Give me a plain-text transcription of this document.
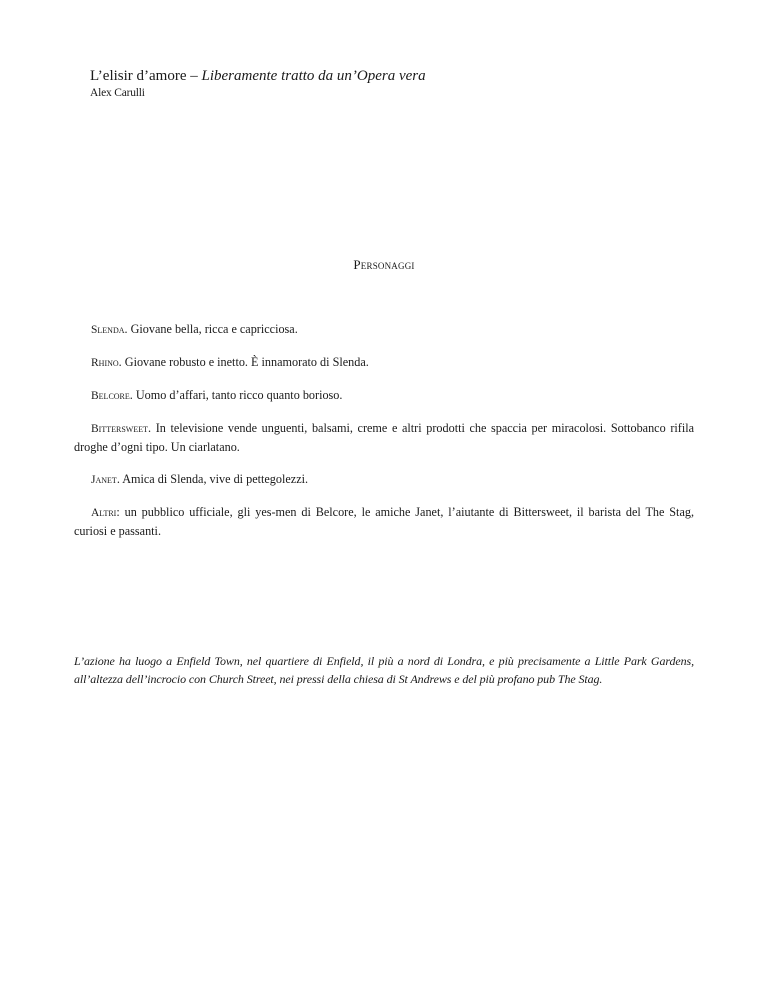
L’elisir d’amore – Liberamente tratto da un’Opera vera
Alex Carulli
Personaggi

Slenda. Giovane bella, ricca e capricciosa.

Rhino. Giovane robusto e inetto. È innamorato di Slenda.

Belcore. Uomo d’affari, tanto ricco quanto borioso.

Bittersweet. In televisione vende unguenti, balsami, creme e altri prodotti che spaccia per miracolosi. Sottobanco rifila droghe d’ogni tipo. Un ciarlatano.

Janet. Amica di Slenda, vive di pettegolezzi.

Altri: un pubblico ufficiale, gli yes-men di Belcore, le amiche Janet, l’aiutante di Bittersweet, il barista del The Stag, curiosi e passanti.

L’azione ha luogo a Enfield Town, nel quartiere di Enfield, il più a nord di Londra, e più precisamente a Little Park Gardens, all’altezza dell’incrocio con Church Street, nei pressi della chiesa di St Andrews e del più profano pub The Stag.
